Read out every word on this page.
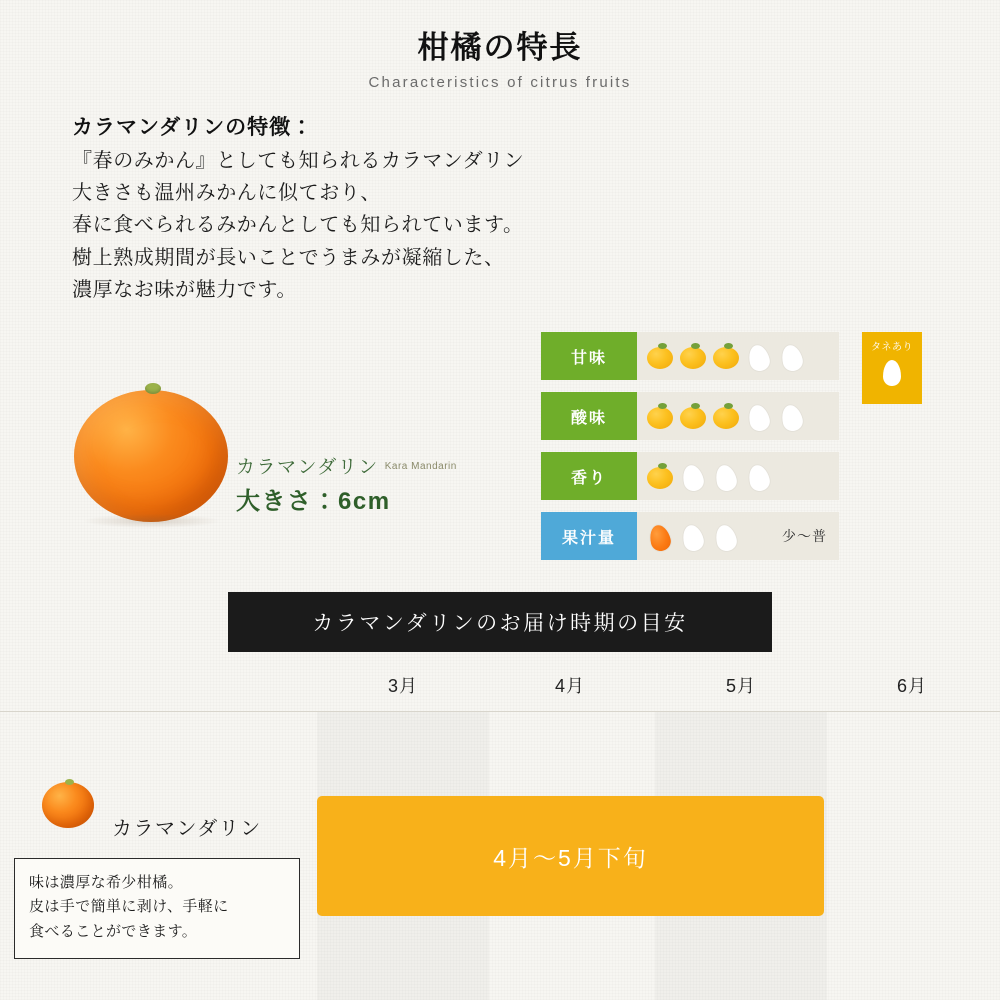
柑橘の特長
Characteristics of citrus fruits
カラマンダリンの特徴：
『春のみかん』としても知られるカラマンダリン
大きさも温州みかんに似ており、
春に食べられるみかんとしても知られています。
樹上熟成期間が長いことでうまみが凝縮した、
濃厚なお味が魅力です。
カラマンダリン Kara Mandarin
大きさ：6cm
甘味
酸味
香り
果汁量	少〜普
タネあり
カラマンダリンのお届け時期の目安
3月	4月	5月	6月
カラマンダリン

味は濃厚な希少柑橘。

皮は手で簡単に剥け、手軽に

食べることができます。

4月〜5月下旬
